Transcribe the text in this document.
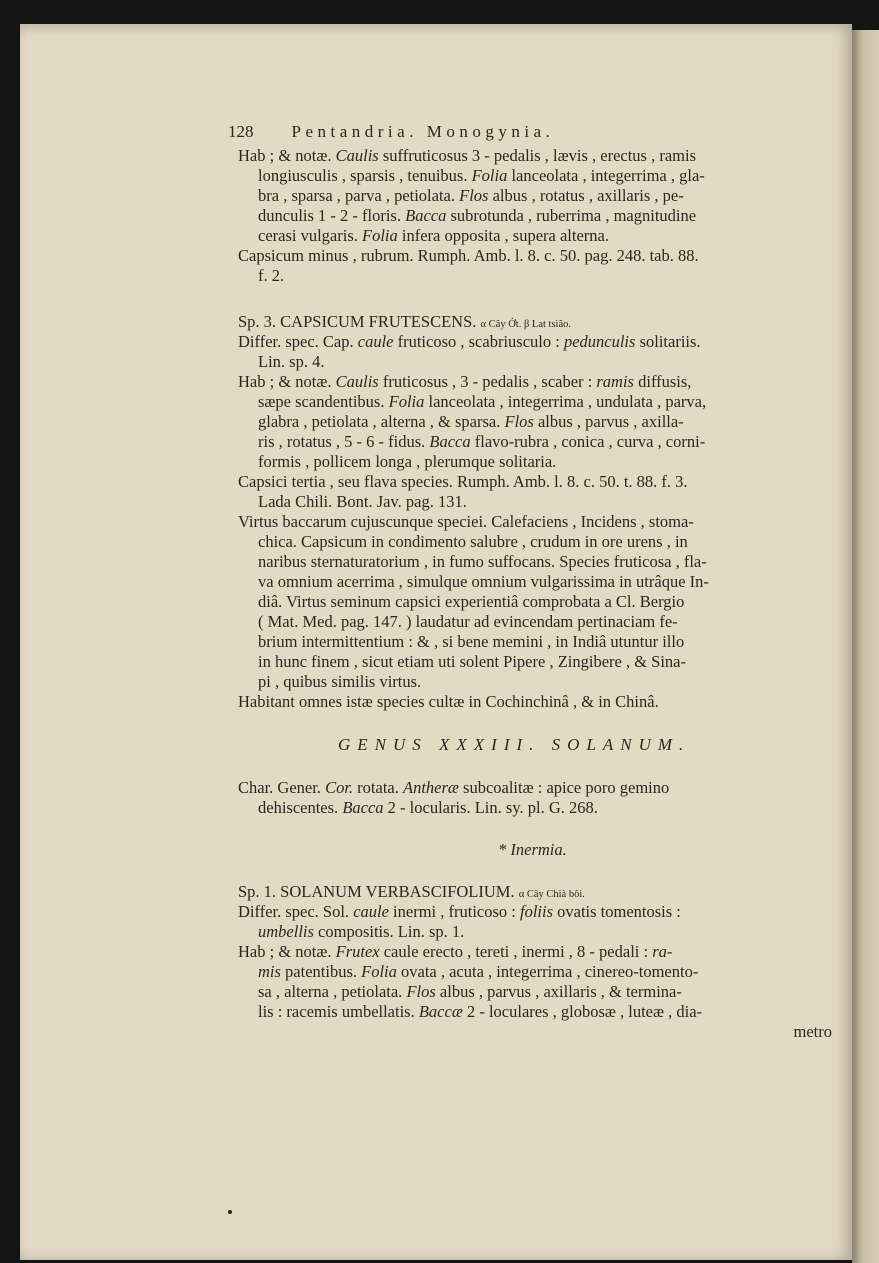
128 Pentandria. Monogynia.
Hab ; & notæ. Caulis suffruticosus 3 - pedalis , lævis , erectus , ramis
longiusculis , sparsis , tenuibus. Folia lanceolata , integerrima , gla-
bra , sparsa , parva , petiolata. Flos albus , rotatus , axillaris , pe-
dunculis 1 - 2 - floris. Bacca subrotunda , ruberrima , magnitudine
cerasi vulgaris. Folia infera opposita , supera alterna.
Capsicum minus , rubrum. Rumph. Amb. l. 8. c. 50. pag. 248. tab. 88.
f. 2.
Sp. 3. CAPSICUM FRUTESCENS. α Cây Ớt. β Lat tsião.
Differ. spec. Cap. caule fruticoso , scabriusculo : pedunculis solitariis.
Lin. sp. 4.
Hab ; & notæ. Caulis fruticosus , 3 - pedalis , scaber : ramis diffusis,
sæpe scandentibus. Folia lanceolata , integerrima , undulata , parva,
glabra , petiolata , alterna , & sparsa. Flos albus , parvus , axilla-
ris , rotatus , 5 - 6 - fidus. Bacca flavo-rubra , conica , curva , corni-
formis , pollicem longa , plerumque solitaria.
Capsici tertia , seu flava species. Rumph. Amb. l. 8. c. 50. t. 88. f. 3.
Lada Chili. Bont. Jav. pag. 131.
Virtus baccarum cujuscunque speciei. Calefaciens , Incidens , stoma-
chica. Capsicum in condimento salubre , crudum in ore urens , in
naribus sternaturatorium , in fumo suffocans. Species fruticosa , fla-
va omnium acerrima , simulque omnium vulgarissima in utrâque In-
diâ. Virtus seminum capsici experientiâ comprobata a Cl. Bergio
( Mat. Med. pag. 147. ) laudatur ad evincendam pertinaciam fe-
brium intermittentium : & , si bene memini , in Indiâ utuntur illo
in hunc finem , sicut etiam uti solent Pipere , Zingibere , & Sina-
pi , quibus similis virtus.
Habitant omnes istæ species cultæ in Cochinchinâ , & in Chinâ.
GENUS XXXIII. SOLANUM.
Char. Gener. Cor. rotata. Antheræ subcoalitæ : apice poro gemino
dehiscentes. Bacca 2 - locularis. Lin. sy. pl. G. 268.
* Inermia.
Sp. 1. SOLANUM VERBASCIFOLIUM. α Cây Chià bôi.
Differ. spec. Sol. caule inermi , fruticoso : foliis ovatis tomentosis :
umbellis compositis. Lin. sp. 1.
Hab ; & notæ. Frutex caule erecto , tereti , inermi , 8 - pedali : ra-
mis patentibus. Folia ovata , acuta , integerrima , cinereo-tomento-
sa , alterna , petiolata. Flos albus , parvus , axillaris , & termina-
lis : racemis umbellatis. Baccæ 2 - loculares , globosæ , luteæ , dia-
metro
